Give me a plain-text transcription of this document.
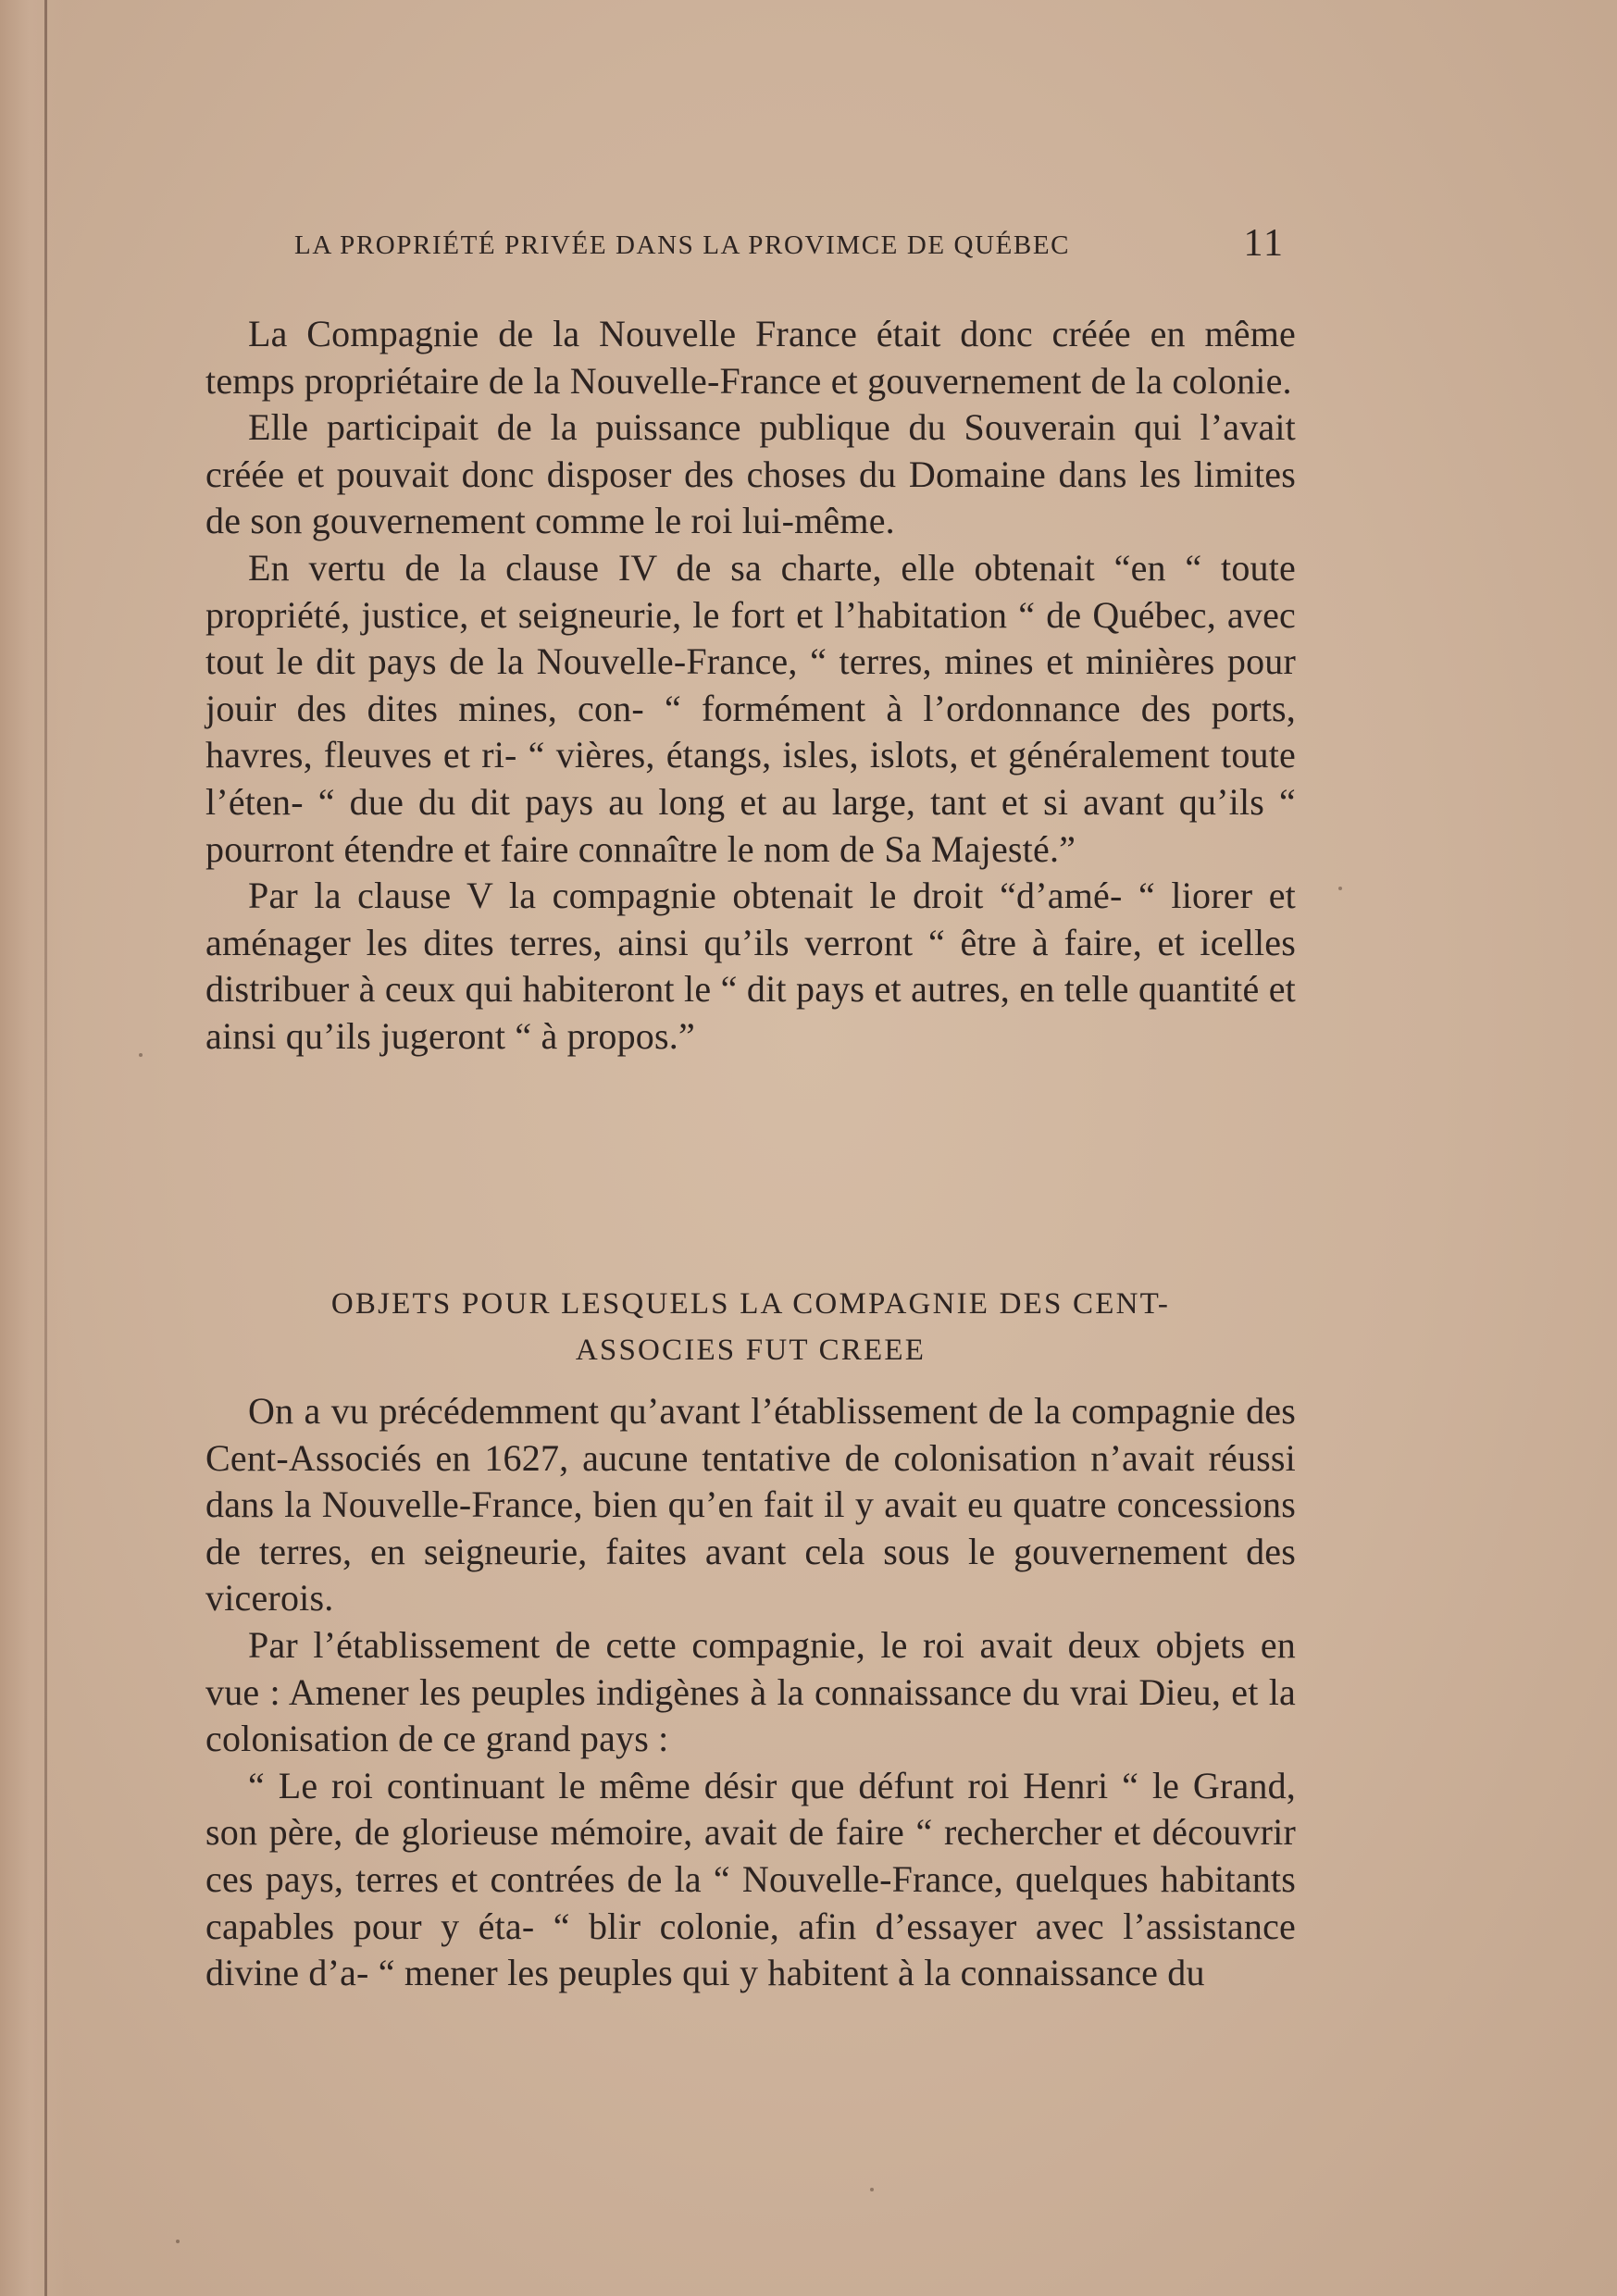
LA PROPRIÉTÉ PRIVÉE DANS LA PROVIMCE DE QUÉBEC	11

La Compagnie de la Nouvelle France était donc créée en même temps propriétaire de la Nouvelle-France et gouvernement de la colonie.

Elle participait de la puissance publique du Souverain qui l’avait créée et pouvait donc disposer des choses du Domaine dans les limites de son gouvernement comme le roi lui-même.

En vertu de la clause IV de sa charte, elle obtenait “en “ toute propriété, justice, et seigneurie, le fort et l’habitation “ de Québec, avec tout le dit pays de la Nouvelle-France, “ terres, mines et minières pour jouir des dites mines, con- “ formément à l’ordonnance des ports, havres, fleuves et ri- “ vières, étangs, isles, islots, et généralement toute l’éten- “ due du dit pays au long et au large, tant et si avant qu’ils “ pourront étendre et faire connaître le nom de Sa Majesté.”

Par la clause V la compagnie obtenait le droit “d’amé- “ liorer et aménager les dites terres, ainsi qu’ils verront “ être à faire, et icelles distribuer à ceux qui habiteront le “ dit pays et autres, en telle quantité et ainsi qu’ils jugeront “ à propos.”

OBJETS POUR LESQUELS LA COMPAGNIE DES CENT-
ASSOCIES FUT CREEE

On a vu précédemment qu’avant l’établissement de la compagnie des Cent-Associés en 1627, aucune tentative de colonisation n’avait réussi dans la Nouvelle-France, bien qu’en fait il y avait eu quatre concessions de terres, en seigneurie, faites avant cela sous le gouvernement des vicerois.

Par l’établissement de cette compagnie, le roi avait deux objets en vue : Amener les peuples indigènes à la connaissance du vrai Dieu, et la colonisation de ce grand pays :

“ Le roi continuant le même désir que défunt roi Henri “ le Grand, son père, de glorieuse mémoire, avait de faire “ rechercher et découvrir ces pays, terres et contrées de la “ Nouvelle-France, quelques habitants capables pour y éta- “ blir colonie, afin d’essayer avec l’assistance divine d’a- “ mener les peuples qui y habitent à la connaissance du
